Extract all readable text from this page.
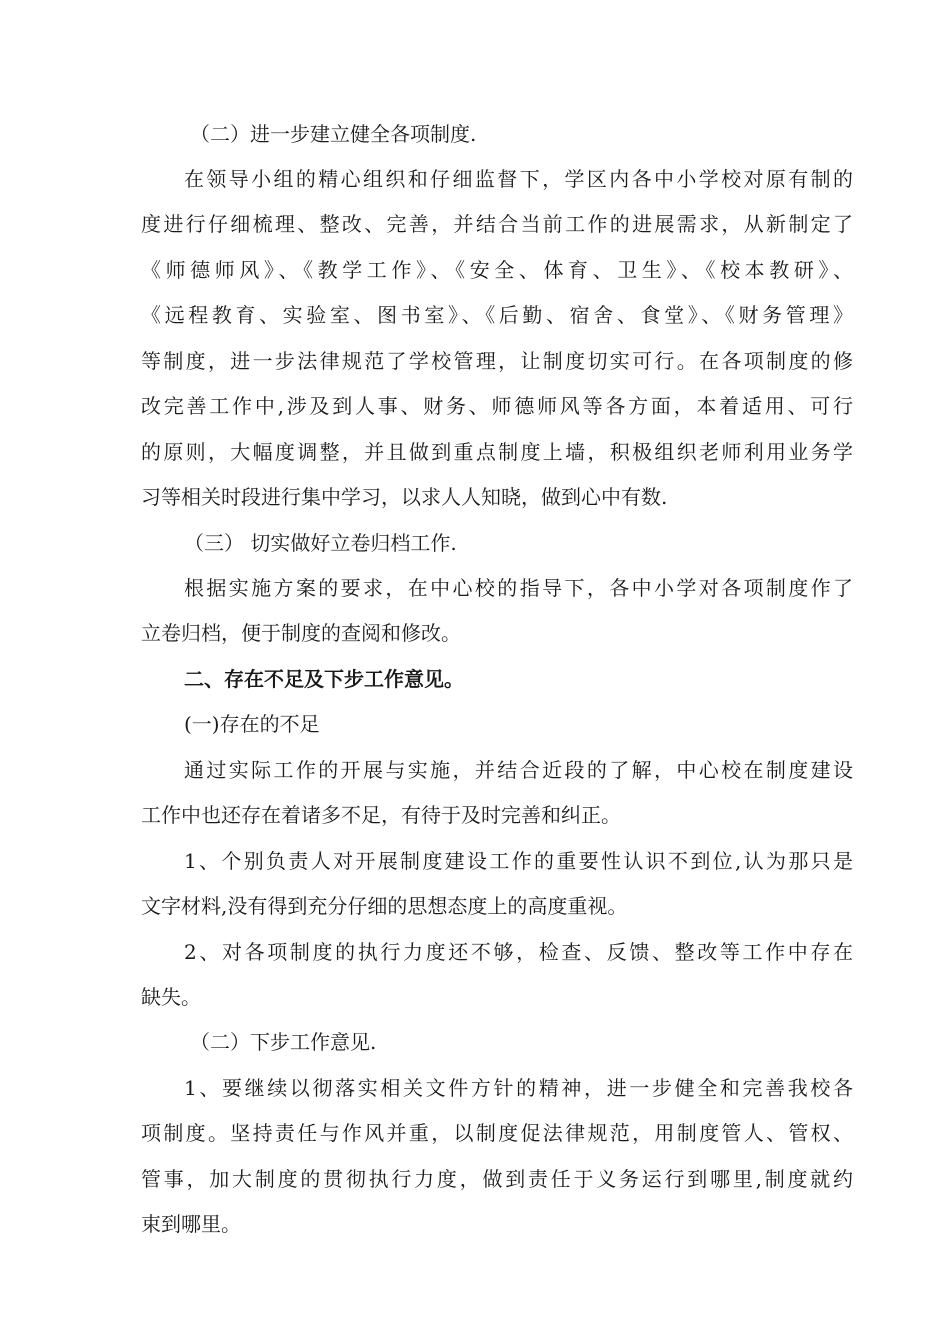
（二）进一步建立健全各项制度.
在领导小组的精心组织和仔细监督下，学区内各中小学校对原有制的
度进行仔细梳理、整改、完善，并结合当前工作的进展需求，从新制定了
《师德师风》、《教学工作》、《安全、体育、卫生》、《校本教研》、
《远程教育、实验室、图书室》、《后勤、宿舍、食堂》、《财务管理》
等制度，进一步法律规范了学校管理，让制度切实可行。在各项制度的修
改完善工作中,涉及到人事、财务、师德师风等各方面，本着适用、可行
的原则，大幅度调整，并且做到重点制度上墙，积极组织老师利用业务学
习等相关时段进行集中学习，以求人人知晓，做到心中有数.
（三） 切实做好立卷归档工作.
根据实施方案的要求，在中心校的指导下，各中小学对各项制度作了
立卷归档，便于制度的查阅和修改。
二、存在不足及下步工作意见。
(一)存在的不足
通过实际工作的开展与实施，并结合近段的了解，中心校在制度建设
工作中也还存在着诸多不足，有待于及时完善和纠正。
1、个别负责人对开展制度建设工作的重要性认识不到位,认为那只是
文字材料,没有得到充分仔细的思想态度上的高度重视。
2、对各项制度的执行力度还不够，检查、反馈、整改等工作中存在
缺失。
（二）下步工作意见.
1、要继续以彻落实相关文件方针的精神，进一步健全和完善我校各
项制度。坚持责任与作风并重，以制度促法律规范，用制度管人、管权、
管事，加大制度的贯彻执行力度，做到责任于义务运行到哪里,制度就约
束到哪里。
